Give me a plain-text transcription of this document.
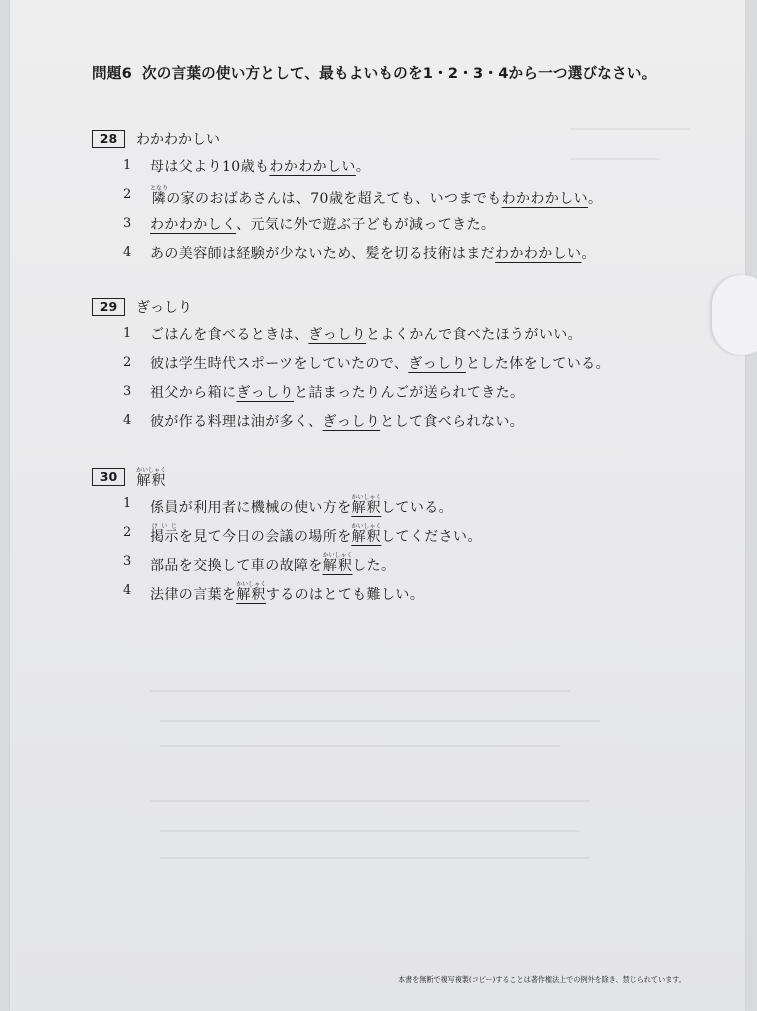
問題6 次の言葉の使い方として、最もよいものを1・2・3・4から一つ選びなさい。
28	わかわかしい
1 母は父より10歳もわかわかしい。
2 隣となりの家のおばあさんは、70歳を超えても、いつまでもわかわかしい。
3 わかわかしく、元気に外で遊ぶ子どもが減ってきた。
4 あの美容師は経験が少ないため、髪を切る技術はまだわかわかしい。
29	ぎっしり
1 ごはんを食べるときは、ぎっしりとよくかんで食べたほうがいい。
2 彼は学生時代スポーツをしていたので、ぎっしりとした体をしている。
3 祖父から箱にぎっしりと詰まったりんごが送られてきた。
4 彼が作る料理は油が多く、ぎっしりとして食べられない。
30	解釈かいしゃく
1 係員が利用者に機械の使い方を解釈かいしゃくしている。
2 掲示けいじを見て今日の会議の場所を解釈かいしゃくしてください。
3 部品を交換して車の故障を解釈かいしゃくした。
4 法律の言葉を解釈かいしゃくするのはとても難しい。
本書を無断で複写複製(コピー)することは著作権法上での例外を除き、禁じられています。
